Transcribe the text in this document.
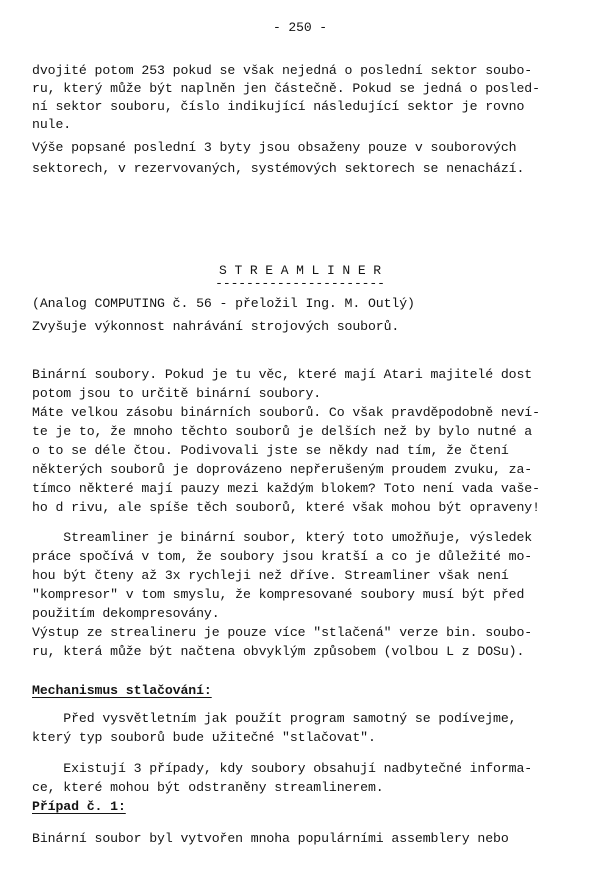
- 250 -
dvojité potom 253 pokud se však nejedná o poslední sektor soubo-
ru, který může být naplněn jen částečně. Pokud se jedná o posled-
ní sektor souboru, číslo indikující následující sektor je rovno
nule.
Výše popsané poslední 3 byty jsou obsaženy pouze v souborových
sektorech, v rezervovaných, systémových sektorech se nenachází.
S T R E A M L I N E R
----------------------
(Analog COMPUTING č. 56 - přeložil Ing. M. Outlý)
Zvyšuje výkonnost nahrávání strojových souborů.
Binární soubory. Pokud je tu věc, které mají Atari majitelé dost
potom jsou to určitě binární soubory.
Máte velkou zásobu binárních souborů. Co však pravděpodobně neví-
te je to, že mnoho těchto souborů je delších než by bylo nutné a
o to se déle čtou. Podivovali jste se někdy nad tím, že čtení
některých souborů je doprovázeno nepřerušeným proudem zvuku, za-
tímco některé mají pauzy mezi každým blokem? Toto není vada vaše-
ho d rivu, ale spíše těch souborů, které však mohou být opraveny!
Streamliner je binární soubor, který toto umožňuje, výsledek
práce spočívá v tom, že soubory jsou kratší a co je důležité mo-
hou být čteny až 3x rychleji než dříve. Streamliner však není
"kompresor" v tom smyslu, že kompresované soubory musí být před
použitím dekompresovány.
Výstup ze strealineru je pouze více "stlačená" verze bin. soubo-
ru, která může být načtena obvyklým způsobem (volbou L z DOSu).
Mechanismus stlačování:
Před vysvětletním jak použít program samotný se podívejme,
který typ souborů bude užitečné "stlačovat".
Existují 3 případy, kdy soubory obsahují nadbytečné informa-
ce, které mohou být odstraněny streamlinerem.
Případ č. 1:
Binární soubor byl vytvořen mnoha populárními assemblery nebo
